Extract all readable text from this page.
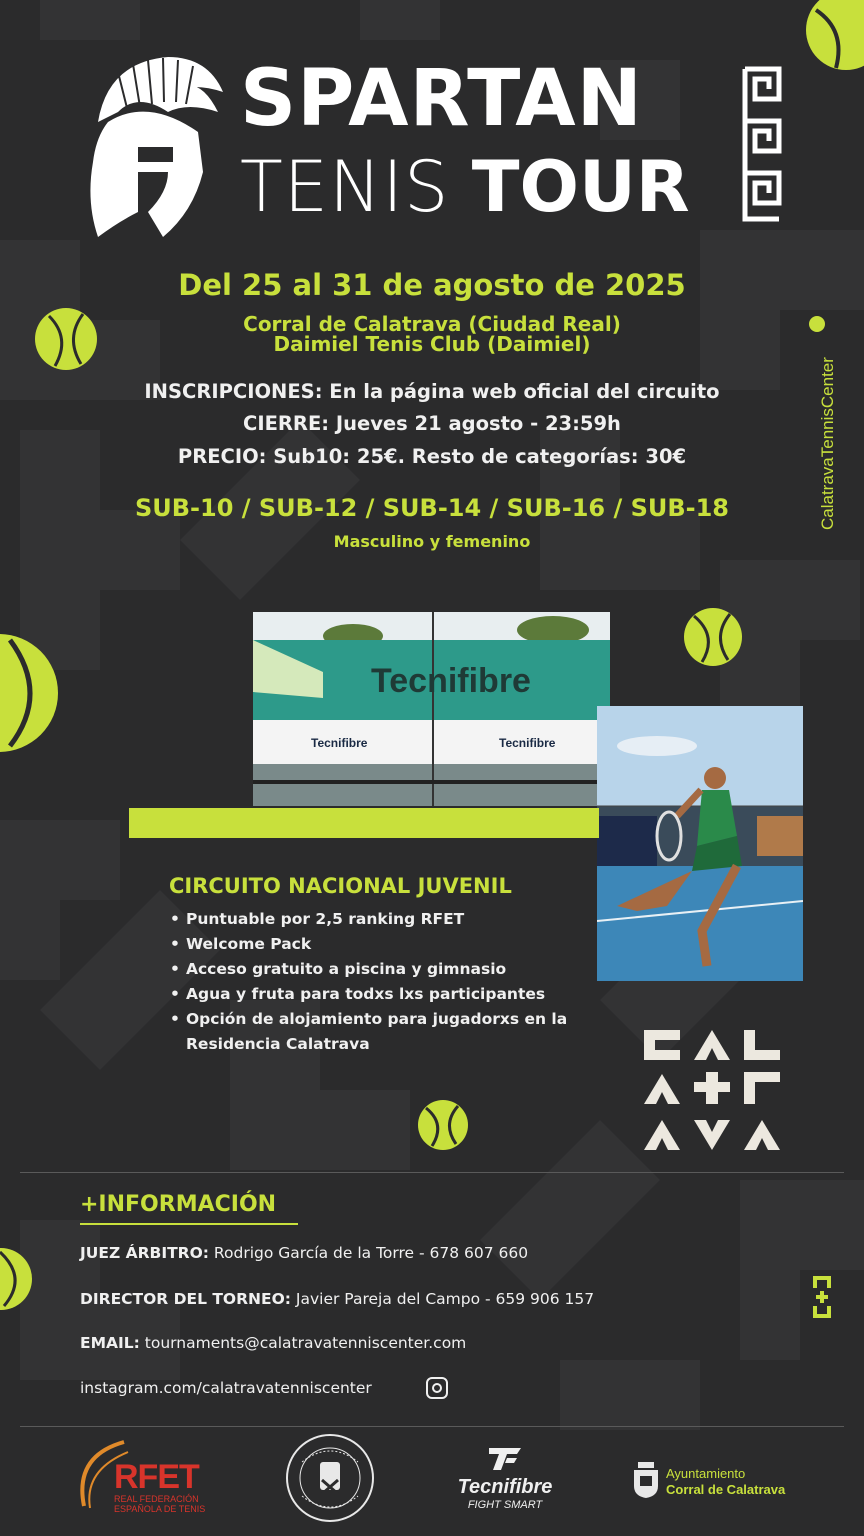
SPARTAN
TENIS TOUR
CalatravaTennisCenter
Del 25 al 31 de agosto de 2025
Corral de Calatrava (Ciudad Real)
Daimiel Tenis Club (Daimiel)
INSCRIPCIONES: En la página web oficial del circuito
CIERRE: Jueves 21 agosto - 23:59h
PRECIO: Sub10: 25€. Resto de categorías: 30€
SUB-10 / SUB-12 / SUB-14 / SUB-16 / SUB-18
Masculino y femenino
Tecnifibre
Tecnifibre	Tecnifibre
CIRCUITO NACIONAL JUVENIL
• Puntuable por 2,5 ranking RFET
• Welcome Pack
• Acceso gratuito a piscina y gimnasio
• Agua y fruta para todxs lxs participantes
• Opción de alojamiento para jugadorxs en la Residencia Calatrava
+INFORMACIÓN
JUEZ ÁRBITRO: Rodrigo García de la Torre - 678 607 660
DIRECTOR DEL TORNEO: Javier Pareja del Campo - 659 906 157
EMAIL: tournaments@calatravatenniscenter.com
instagram.com/calatravatenniscenter
RFET
REAL FEDERACIÓN
ESPAÑOLA DE TENIS
FEDERACIÓN DE TENIS CASTILLA-LA MANCHA
Tecnifibre
FIGHT SMART
Ayuntamiento
Corral de Calatrava
